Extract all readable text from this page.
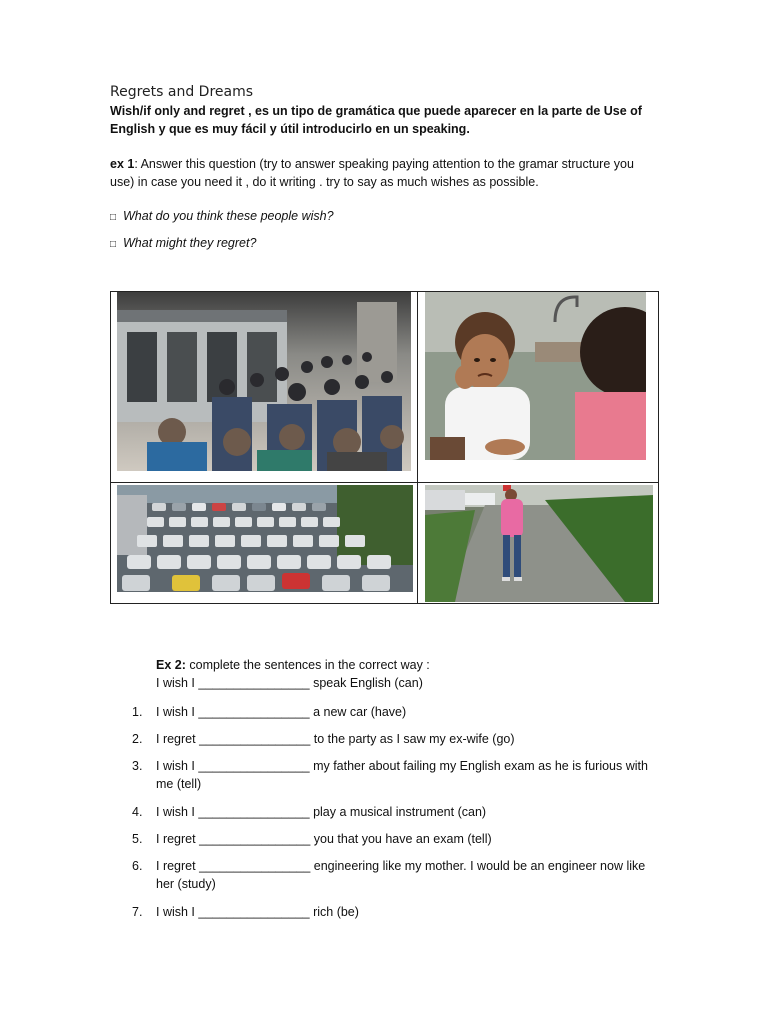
Regrets and Dreams
Wish/if only and regret , es un tipo de gramática que puede aparecer en la parte de Use of English y que es muy fácil y útil introducirlo en un speaking.
ex 1: Answer this question (try to answer speaking paying attention to the gramar structure you use) in case you need it , do it writing . try to say as much wishes as possible.
□ What do you think these people wish?
□ What might they regret?
Ex 2: complete the sentences in the correct way :
I wish I ________________ speak English (can)
1.	I wish I ________________ a new car (have)
2.	I regret ________________ to the party as I saw my ex-wife (go)
3.	I wish I ________________ my father about failing my English exam as he is furious with me (tell)
4.	I wish I ________________ play a musical instrument (can)
5.	I regret ________________ you that you have an exam (tell)
6.	I regret ________________ engineering like my mother. I would be an engineer now like her (study)
7.	I wish I ________________ rich (be)
